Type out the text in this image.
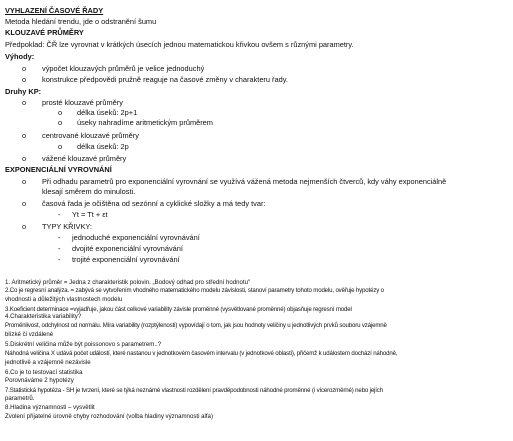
VYHLAZENÍ ČASOVÉ ŘADY
Metoda hledání trendu, jde o odstranění šumu
KLOUZAVÉ PRŮMĚRY
Předpoklad: ČŘ lze vyrovnat v krátkých úsecích jednou matematickou křivkou ovšem s různými parametry.
Výhody:
o výpočet klouzavých průměrů je velice jednoduchý
o konstrukce předpovědi pružně reaguje na časové změny v charakteru řady.
Druhy KP:
o prosté klouzavé průměry
o délka úseků: 2p+1
o úseky nahradíme aritmetickým průměrem
o centrované klouzavé průměry
o délka úseků: 2p
o vážené klouzavé průměry
EXPONENCIÁLNÍ VYROVNÁNÍ
o Při odhadu parametrů pro exponenciální vyrovnání se využívá vážená metoda nejmenších čtverců, kdy váhy exponenciálně
klesají směrem do minulosti.
o časová řada je očištěna od sezónní a cyklické složky a má tedy tvar:
- Yt = Tt + εt
o TYPY KŘIVKY:
- jednoduché exponenciální vyrovnávání
- dvojité exponenciální vyrovnávání
- trojité exponenciální vyrovnávání
1. Aritmetický průměr = Jedna z charakteristik polovin. „Bodový odhad pro střední hodnotu"
2.Co je regresní analýza. = zabývá se vytvořením vhodného matematického modelu závislosti, stanoví parametry tohoto modelu, ověřuje hypotézy o
vhodnosti a důležitých vlastnostech modelu
3.Koeficient determinace =vyjadřuje, jakou část celkové variability závisle proměnné (vysvětlované proměnné) objasňuje regresní model
4.Charakteristika variability?
Proměnlivost, odchylnost od normálu. Míra variability (rozptýlenosti) vypovídají o tom, jak jsou hodnoty veličiny u jednotlivých prvků souboru vzájemně
blízké či vzdálené
5.Diskrétní veličina může být poissonovo s parametrem..?
Náhodná veličina X udává počet událostí, které nastanou v jednotkovém časovém intervalu (v jednotkové oblasti), přičemž k událostem dochází náhodně,
jednotlivě a vzájemně nezávisle
6.Co je to testovací statistika
Porovnáváme 2 hypotézy
7.Statistická hypotéza - SH je tvrzení, které se týká neznámé vlastnosti rozdělení pravděpodobnosti náhodné proměnné (i vícerozměrné) nebo jejích
parametrů.
8.Hladina významnosti – vysvětlit
Zvolení přijatelné úrovně chyby rozhodování (volba hladiny významnosti alfa)
